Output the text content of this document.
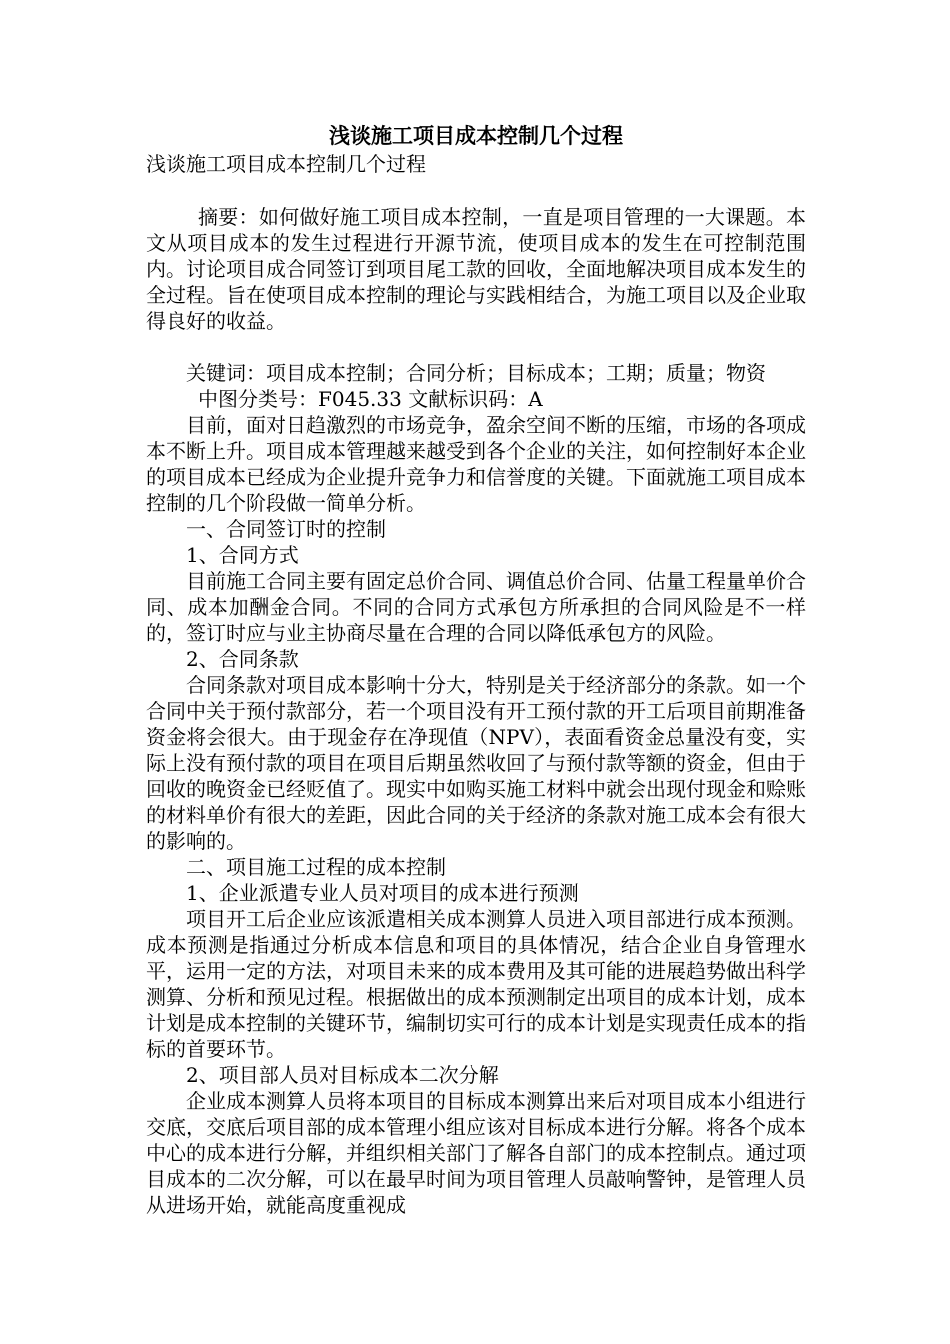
浅谈施工项目成本控制几个过程

浅谈施工项目成本控制几个过程

摘要：如何做好施工项目成本控制，一直是项目管理的一大课题。本文从项目成本的发生过程进行开源节流，使项目成本的发生在可控制范围内。讨论项目成合同签订到项目尾工款的回收，全面地解决项目成本发生的全过程。旨在使项目成本控制的理论与实践相结合，为施工项目以及企业取得良好的收益。

关键词：项目成本控制；合同分析；目标成本；工期；质量；物资

中图分类号：F045.33 文献标识码：A

目前，面对日趋激烈的市场竞争，盈余空间不断的压缩，市场的各项成本不断上升。项目成本管理越来越受到各个企业的关注，如何控制好本企业的项目成本已经成为企业提升竞争力和信誉度的关键。下面就施工项目成本控制的几个阶段做一简单分析。

一、合同签订时的控制

1、合同方式

目前施工合同主要有固定总价合同、调值总价合同、估量工程量单价合同、成本加酬金合同。不同的合同方式承包方所承担的合同风险是不一样的，签订时应与业主协商尽量在合理的合同以降低承包方的风险。

2、合同条款

合同条款对项目成本影响十分大，特别是关于经济部分的条款。如一个合同中关于预付款部分，若一个项目没有开工预付款的开工后项目前期准备资金将会很大。由于现金存在净现值（NPV），表面看资金总量没有变，实际上没有预付款的项目在项目后期虽然收回了与预付款等额的资金，但由于回收的晚资金已经贬值了。现实中如购买施工材料中就会出现付现金和赊账的材料单价有很大的差距，因此合同的关于经济的条款对施工成本会有很大的影响的。

二、项目施工过程的成本控制

1、企业派遣专业人员对项目的成本进行预测

项目开工后企业应该派遣相关成本测算人员进入项目部进行成本预测。成本预测是指通过分析成本信息和项目的具体情况，结合企业自身管理水平，运用一定的方法，对项目未来的成本费用及其可能的进展趋势做出科学测算、分析和预见过程。根据做出的成本预测制定出项目的成本计划，成本计划是成本控制的关键环节，编制切实可行的成本计划是实现责任成本的指标的首要环节。

2、项目部人员对目标成本二次分解

企业成本测算人员将本项目的目标成本测算出来后对项目成本小组进行交底，交底后项目部的成本管理小组应该对目标成本进行分解。将各个成本中心的成本进行分解，并组织相关部门了解各自部门的成本控制点。通过项目成本的二次分解，可以在最早时间为项目管理人员敲响警钟，是管理人员从进场开始，就能高度重视成
